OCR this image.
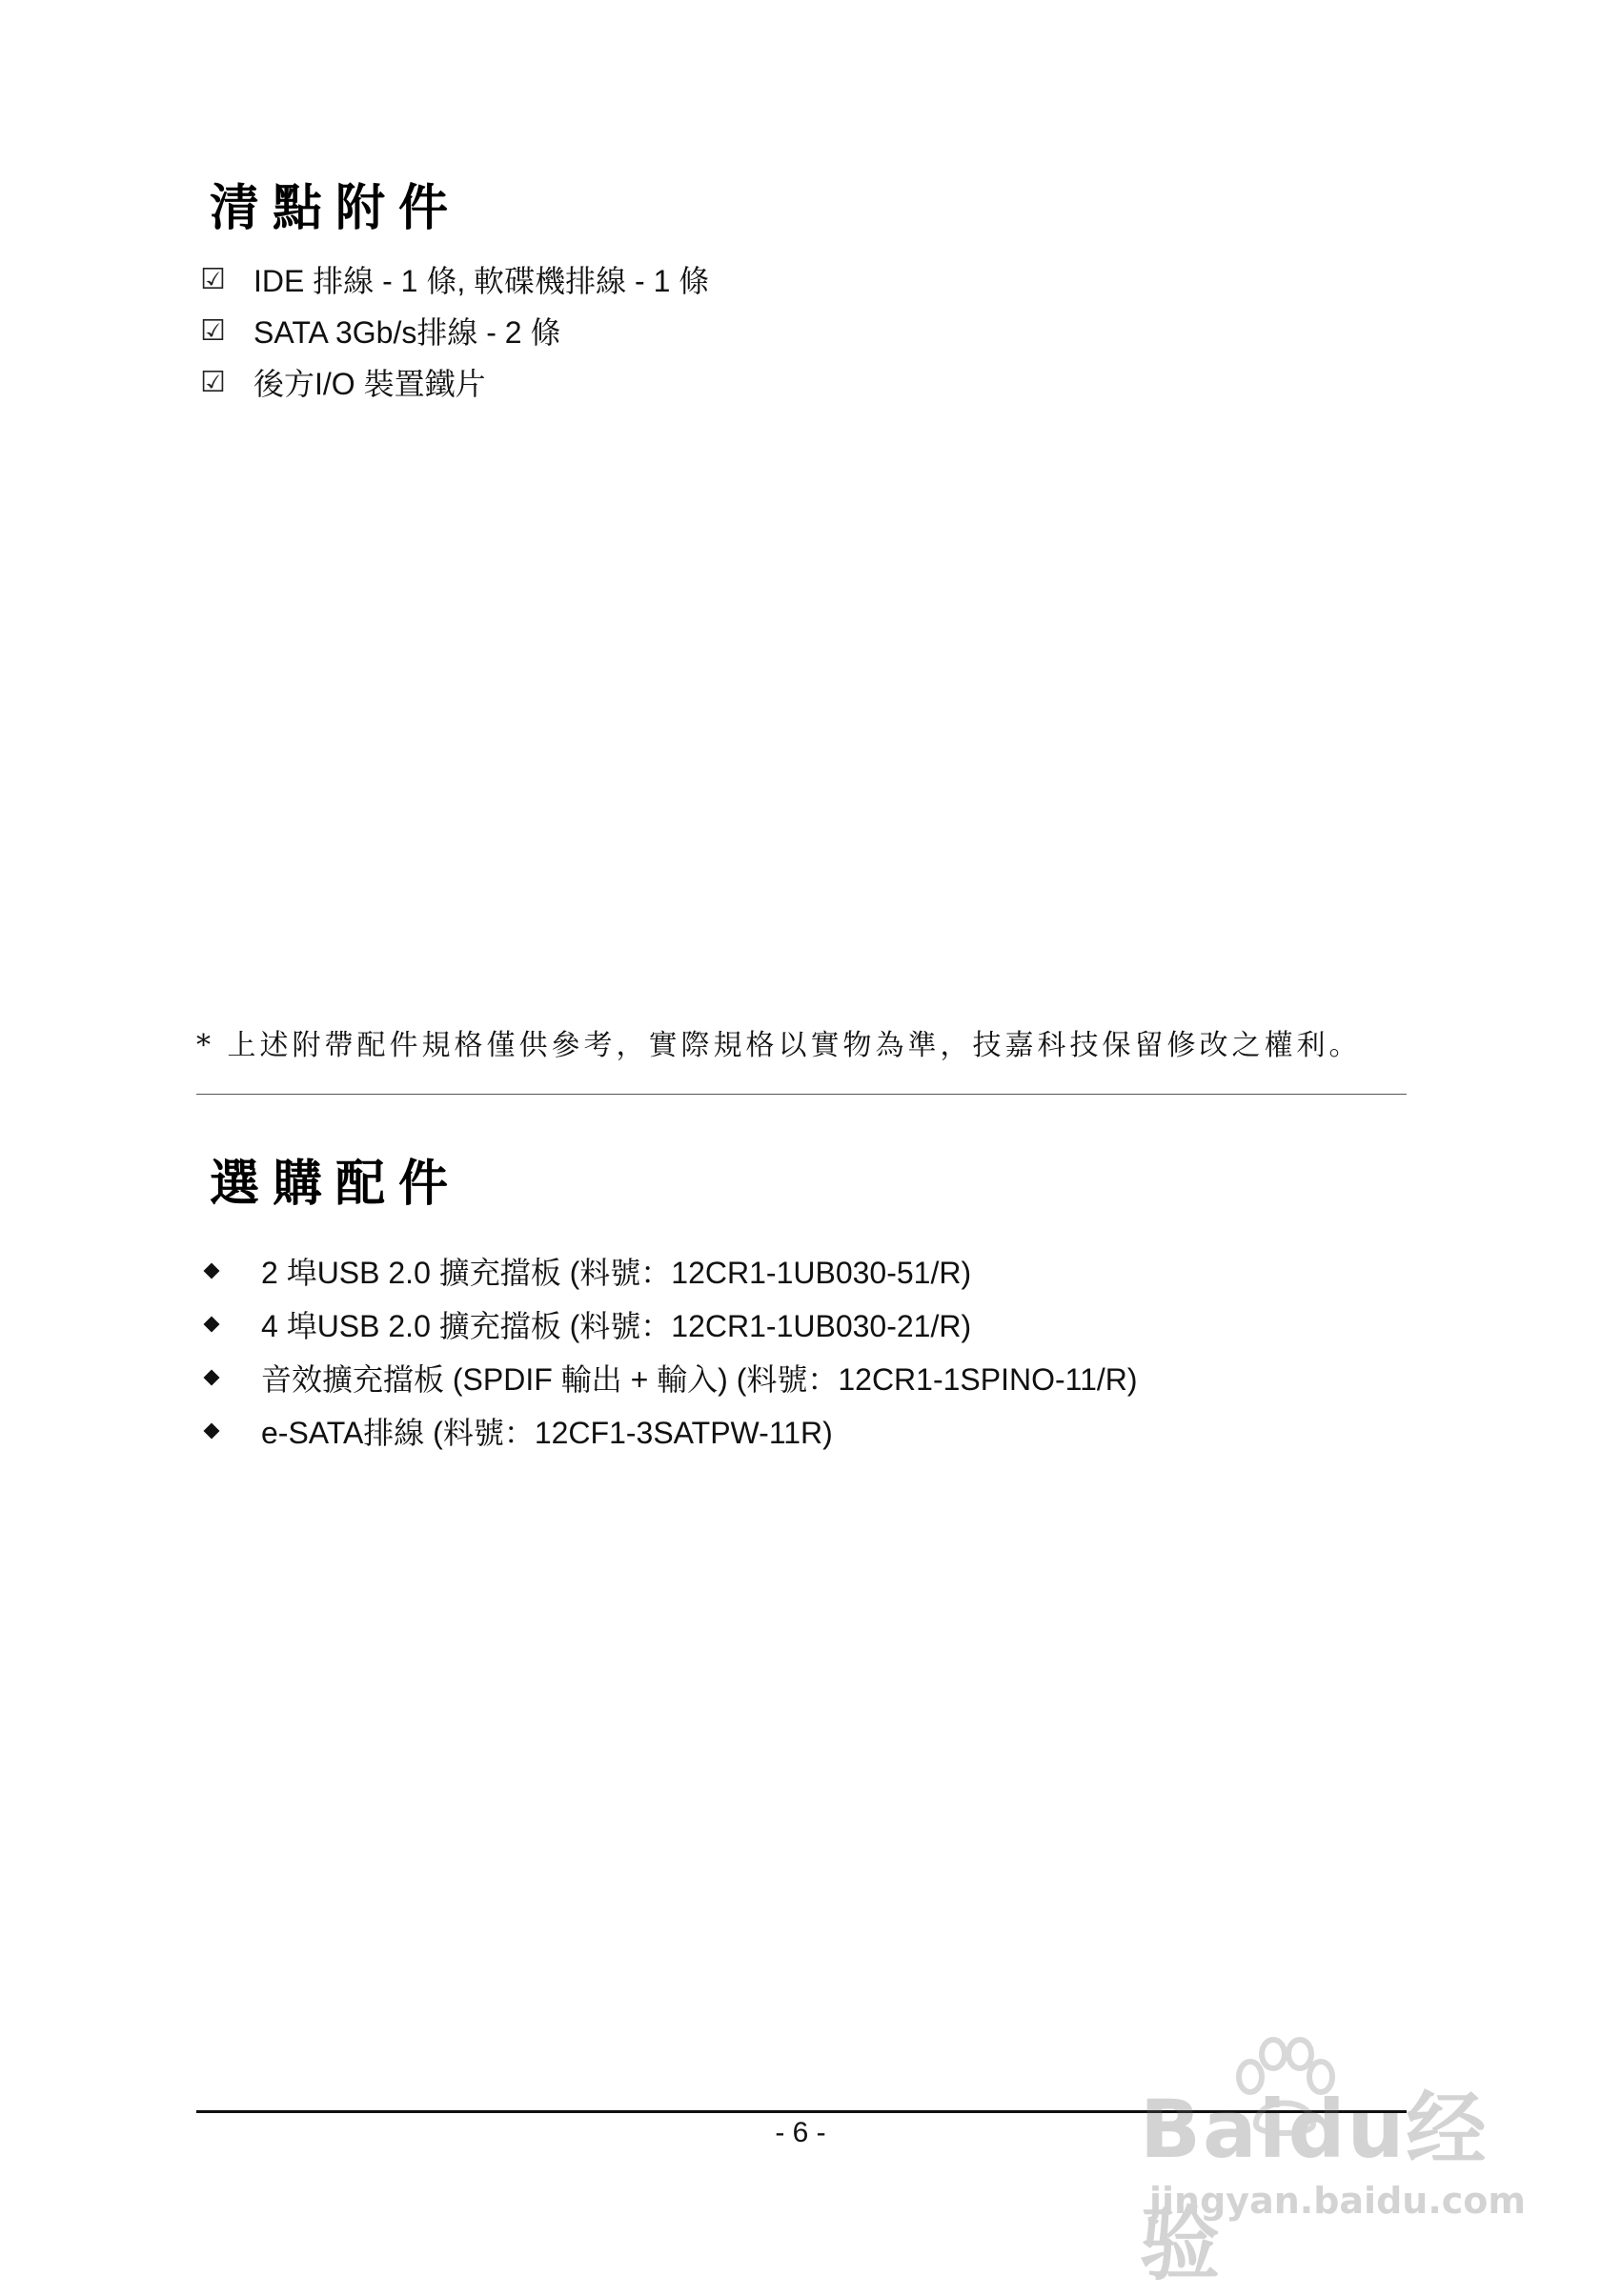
清點附件
☑ IDE 排線 - 1 條, 軟碟機排線 - 1 條
☑ SATA 3Gb/s排線 - 2 條
☑ 後方I/O 裝置鐵片
* 上述附帶配件規格僅供參考，實際規格以實物為準，技嘉科技保留修改之權利。
選購配件
2 埠USB 2.0 擴充擋板 (料號：12CR1-1UB030-51/R)
4 埠USB 2.0 擴充擋板 (料號：12CR1-1UB030-21/R)
音效擴充擋板 (SPDIF 輸出 + 輸入) (料號：12CR1-1SPINO-11/R)
e-SATA排線 (料號：12CF1-3SATPW-11R)
- 6 -	Baidu经验
jingyan.baidu.com
